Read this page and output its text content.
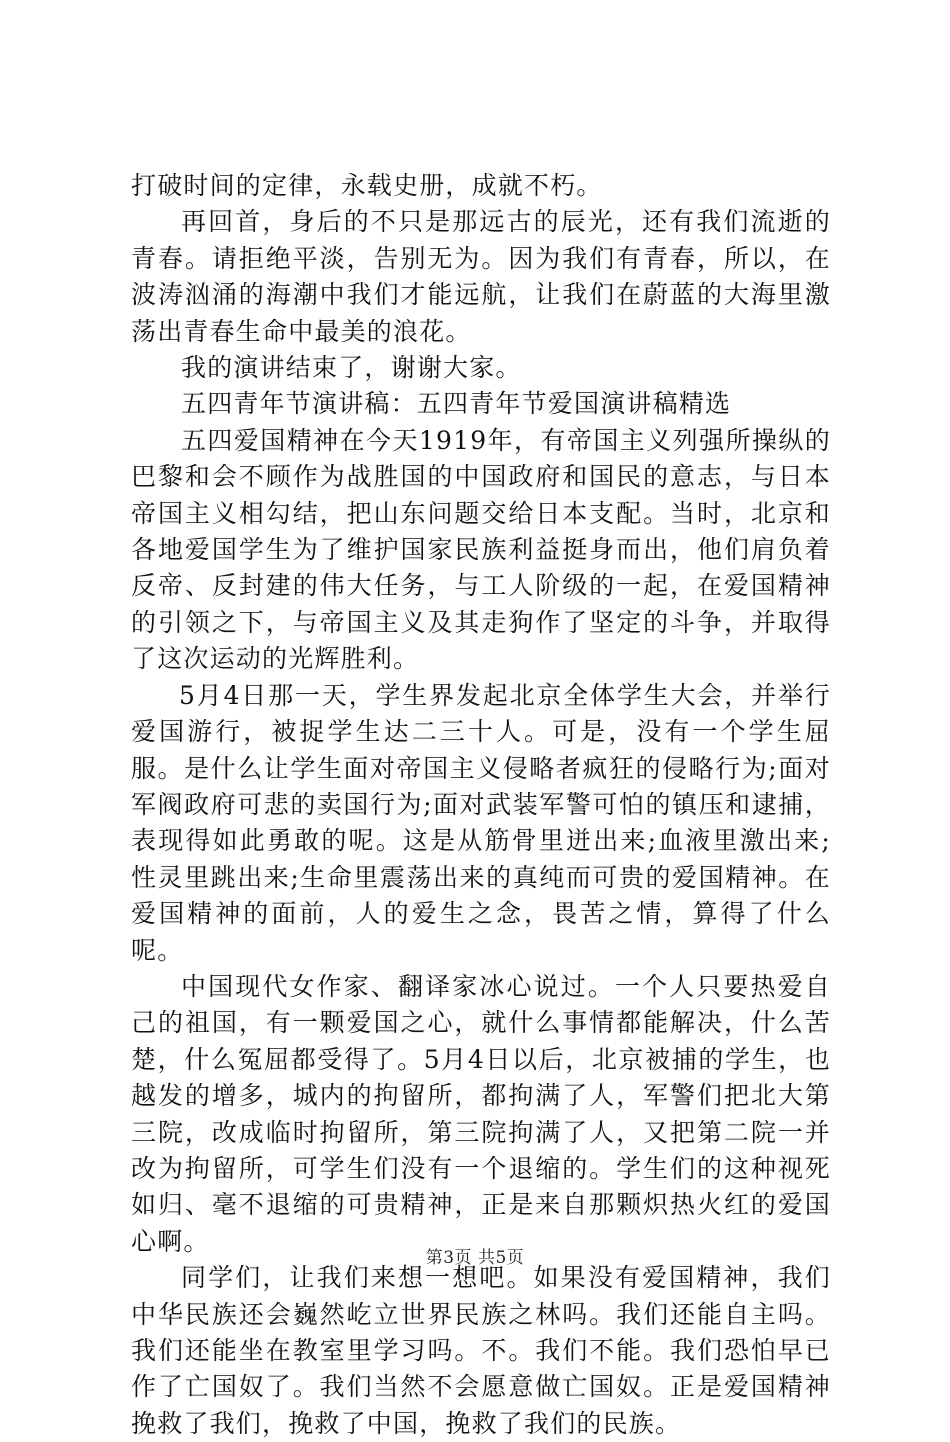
打破时间的定律，永载史册，成就不朽。

再回首，身后的不只是那远古的辰光，还有我们流逝的青春。请拒绝平淡，告别无为。因为我们有青春，所以，在波涛汹涌的海潮中我们才能远航，让我们在蔚蓝的大海里激荡出青春生命中最美的浪花。

我的演讲结束了，谢谢大家。

五四青年节演讲稿：五四青年节爱国演讲稿精选

五四爱国精神在今天1919年，有帝国主义列强所操纵的巴黎和会不顾作为战胜国的中国政府和国民的意志，与日本帝国主义相勾结，把山东问题交给日本支配。当时，北京和各地爱国学生为了维护国家民族利益挺身而出，他们肩负着反帝、反封建的伟大任务，与工人阶级的一起，在爱国精神的引领之下，与帝国主义及其走狗作了坚定的斗争，并取得了这次运动的光辉胜利。

5月4日那一天，学生界发起北京全体学生大会，并举行爱国游行，被捉学生达二三十人。可是，没有一个学生屈服。是什么让学生面对帝国主义侵略者疯狂的侵略行为;面对军阀政府可悲的卖国行为;面对武装军警可怕的镇压和逮捕，表现得如此勇敢的呢。这是从筋骨里迸出来;血液里激出来;性灵里跳出来;生命里震荡出来的真纯而可贵的爱国精神。在爱国精神的面前，人的爱生之念，畏苦之情，算得了什么呢。

中国现代女作家、翻译家冰心说过。一个人只要热爱自己的祖国，有一颗爱国之心，就什么事情都能解决，什么苦楚，什么冤屈都受得了。5月4日以后，北京被捕的学生，也越发的增多，城内的拘留所，都拘满了人，军警们把北大第三院，改成临时拘留所，第三院拘满了人，又把第二院一并改为拘留所，可学生们没有一个退缩的。学生们的这种视死如归、毫不退缩的可贵精神，正是来自那颗炽热火红的爱国心啊。

同学们，让我们来想一想吧。如果没有爱国精神，我们中华民族还会巍然屹立世界民族之林吗。我们还能自主吗。我们还能坐在教室里学习吗。不。我们不能。我们恐怕早已作了亡国奴了。我们当然不会愿意做亡国奴。正是爱国精神挽救了我们，挽救了中国，挽救了我们的民族。

第3页 共5页
